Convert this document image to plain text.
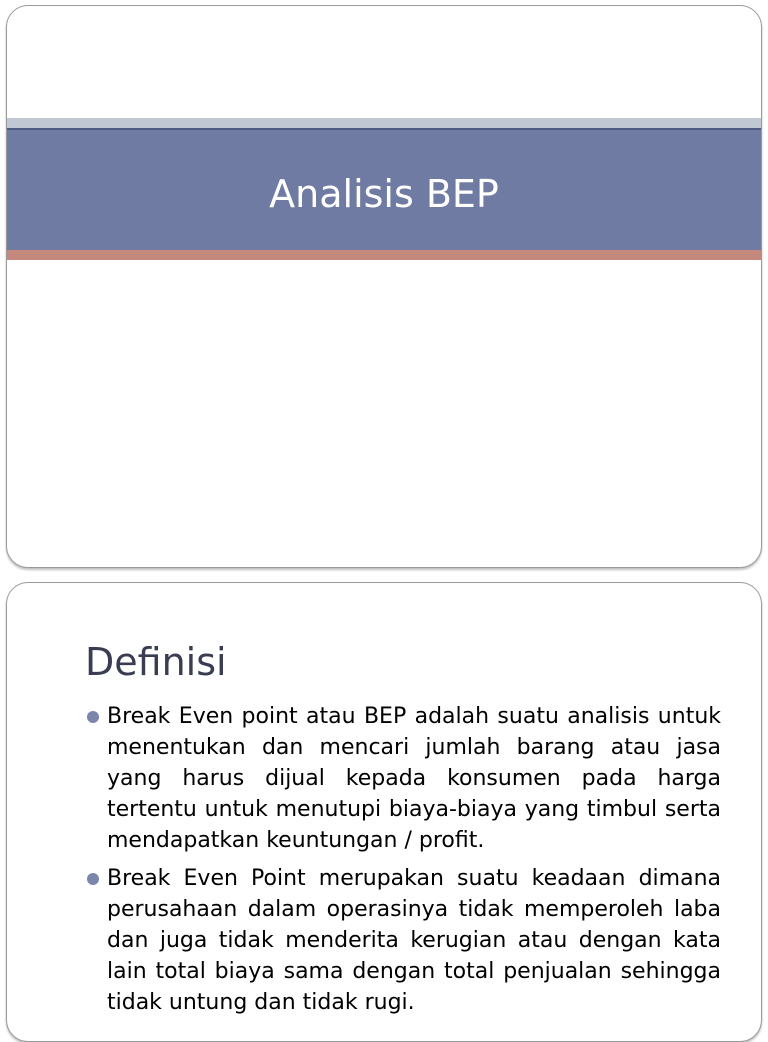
Analisis BEP
Definisi
Break Even point atau BEP adalah suatu analisis untuk menentukan dan mencari jumlah barang atau jasa yang harus dijual kepada konsumen pada harga tertentu untuk menutupi biaya-biaya yang timbul serta mendapatkan keuntungan / profit.
Break Even Point merupakan suatu keadaan dimana perusahaan dalam operasinya tidak memperoleh laba dan juga tidak menderita kerugian atau dengan kata lain total biaya sama dengan total penjualan sehingga tidak untung dan tidak rugi.
